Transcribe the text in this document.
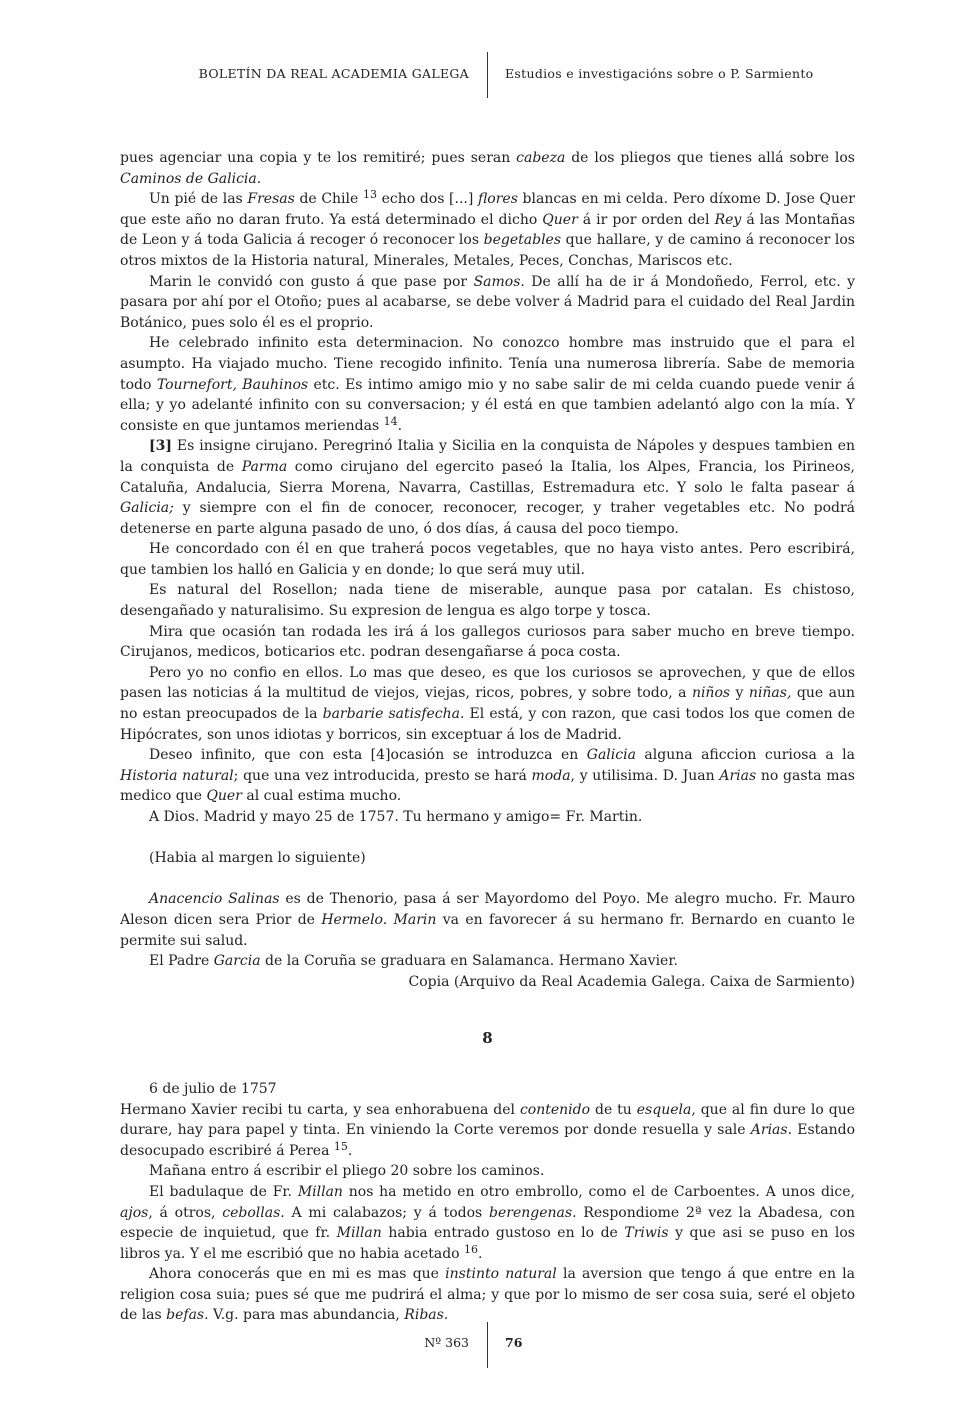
BOLETÍN DA REAL ACADEMIA GALEGA	Estudios e investigacións sobre o P. Sarmiento

pues agenciar una copia y te los remitiré; pues seran cabeza de los pliegos que tienes allá sobre los Caminos de Galicia.

Un pié de las Fresas de Chile $^{13}$ echo dos [...] flores blancas en mi celda. Pero díxome D. Jose Quer que este año no daran fruto. Ya está determinado el dicho Quer á ir por orden del Rey á las Montañas de Leon y á toda Galicia á recoger ó reconocer los begetables que hallare, y de camino á reconocer los otros mixtos de la Historia natural, Minerales, Metales, Peces, Conchas, Mariscos etc.

Marin le convidó con gusto á que pase por Samos. De allí ha de ir á Mondoñedo, Ferrol, etc. y pasara por ahí por el Otoño; pues al acabarse, se debe volver á Madrid para el cuidado del Real Jardin Botánico, pues solo él es el proprio.

He celebrado infinito esta determinacion. No conozco hombre mas instruido que el para el asumpto. Ha viajado mucho. Tiene recogido infinito. Tenía una numerosa librería. Sabe de memoria todo Tournefort, Bauhinos etc. Es intimo amigo mio y no sabe salir de mi celda cuando puede venir á ella; y yo adelanté infinito con su conversacion; y él está en que tambien adelantó algo con la mía. Y consiste en que juntamos meriendas $^{14}$.

[3] Es insigne cirujano. Peregrinó Italia y Sicilia en la conquista de Nápoles y despues tambien en la conquista de Parma como cirujano del egercito paseó la Italia, los Alpes, Francia, los Pirineos, Cataluña, Andalucia, Sierra Morena, Navarra, Castillas, Estremadura etc. Y solo le falta pasear á Galicia; y siempre con el fin de conocer, reconocer, recoger, y traher vegetables etc. No podrá detenerse en parte alguna pasado de uno, ó dos días, á causa del poco tiempo.

He concordado con él en que traherá pocos vegetables, que no haya visto antes. Pero escribirá, que tambien los halló en Galicia y en donde; lo que será muy util.

Es natural del Rosellon; nada tiene de miserable, aunque pasa por catalan. Es chistoso, desengañado y naturalisimo. Su expresion de lengua es algo torpe y tosca.

Mira que ocasión tan rodada les irá á los gallegos curiosos para saber mucho en breve tiempo. Cirujanos, medicos, boticarios etc. podran desengañarse á poca costa.

Pero yo no confio en ellos. Lo mas que deseo, es que los curiosos se aprovechen, y que de ellos pasen las noticias á la multitud de viejos, viejas, ricos, pobres, y sobre todo, a niños y niñas, que aun no estan preocupados de la barbarie satisfecha. El está, y con razon, que casi todos los que comen de Hipócrates, son unos idiotas y borricos, sin exceptuar á los de Madrid.

Deseo infinito, que con esta [4]ocasión se introduzca en Galicia alguna aficcion curiosa a la Historia natural; que una vez introducida, presto se hará moda, y utilisima. D. Juan Arias no gasta mas medico que Quer al cual estima mucho.

A Dios. Madrid y mayo 25 de 1757. Tu hermano y amigo= Fr. Martin.

(Habia al margen lo siguiente)

Anacencio Salinas es de Thenorio, pasa á ser Mayordomo del Poyo. Me alegro mucho. Fr. Mauro Aleson dicen sera Prior de Hermelo. Marin va en favorecer á su hermano fr. Bernardo en cuanto le permite sui salud.

El Padre Garcia de la Coruña se graduara en Salamanca. Hermano Xavier.

Copia (Arquivo da Real Academia Galega. Caixa de Sarmiento)

8

6 de julio de 1757

Hermano Xavier recibi tu carta, y sea enhorabuena del contenido de tu esquela, que al fin dure lo que durare, hay para papel y tinta. En viniendo la Corte veremos por donde resuella y sale Arias. Estando desocupado escribiré á Perea $^{15}$.

Mañana entro á escribir el pliego 20 sobre los caminos.

El badulaque de Fr. Millan nos ha metido en otro embrollo, como el de Carboentes. A unos dice, ajos, á otros, cebollas. A mi calabazos; y á todos berengenas. Respondiome 2ª vez la Abadesa, con especie de inquietud, que fr. Millan habia entrado gustoso en lo de Triwis y que asi se puso en los libros ya. Y el me escribió que no habia acetado $^{16}$.

Ahora conocerás que en mi es mas que instinto natural la aversion que tengo á que entre en la religion cosa suia; pues sé que me pudrirá el alma; y que por lo mismo de ser cosa suia, seré el objeto de las befas. V.g. para mas abundancia, Ribas.

Nº 363	76
